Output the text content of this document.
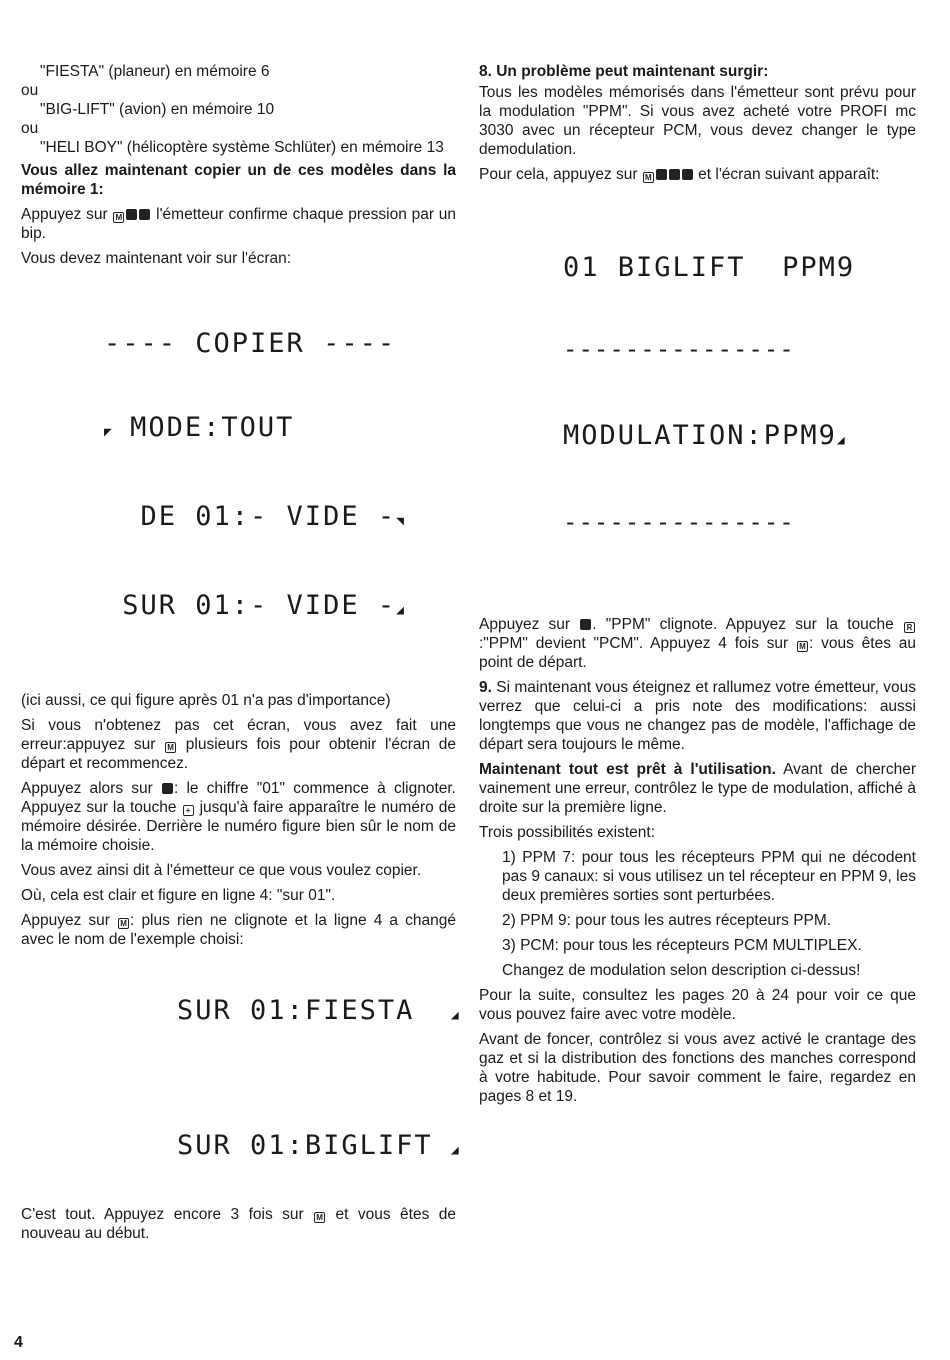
"FIESTA" (planeur) en mémoire 6

ou

"BIG-LIFT" (avion) en mémoire 10

ou

"HELI BOY" (hélicoptère système Schlüter) en mémoire 13

Vous allez maintenant copier un de ces modèles dans la mémoire 1:

Appuyez sur M l'émetteur confirme chaque pression par un bip.

Vous devez maintenant voir sur l'écran:

---- COPIER ----

◤ MODE:TOUT

DE 01:- VIDE -◥

SUR 01:- VIDE -◢

(ici aussi, ce qui figure après 01 n'a pas d'importance)

Si vous n'obtenez pas cet écran, vous avez fait une erreur:appuyez sur M plusieurs fois pour obtenir l'écran de départ et recommencez.

Appuyez alors sur : le chiffre "01" commence à clignoter. Appuyez sur la touche + jusqu'à faire apparaître le numéro de mémoire désirée. Derrière le numéro figure bien sûr le nom de la mémoire choisie.

Vous avez ainsi dit à l'émetteur ce que vous voulez copier.

Où, cela est clair et figure en ligne 4: "sur 01".

Appuyez sur M : plus rien ne clignote et la ligne 4 a changé avec le nom de l'exemple choisi:

SUR 01:FIESTA	◢

SUR 01:BIGLIFT ◢

C'est tout. Appuyez encore 3 fois sur M et vous êtes de nouveau au début.

8. Un problème peut maintenant surgir:

Tous les modèles mémorisés dans l'émetteur sont prévu pour la modulation "PPM". Si vous avez acheté votre PROFI mc 3030 avec un récepteur PCM, vous devez changer le type demodulation.

Pour cela, appuyez sur M	et l'écran suivant apparaît:

01 BIGLIFT  PPM9

---------------

MODULATION:PPM9◢

---------------

Appuyez sur . "PPM" clignote. Appuyez sur la touche R:"PPM" devient "PCM". Appuyez 4 fois sur M : vous êtes au point de départ.

9. Si maintenant vous éteignez et rallumez votre émetteur, vous verrez que celui-ci a pris note des modifications: aussi longtemps que vous ne changez pas de modèle, l'affichage de départ sera toujours le même.

Maintenant tout est prêt à l'utilisation. Avant de chercher vainement une erreur, contrôlez le type de modulation, affiché à droite sur la première ligne.

Trois possibilités existent:

1) PPM 7: pour tous les récepteurs PPM qui ne décodent pas 9 canaux: si vous utilisez un tel récepteur en PPM 9, les deux premières sorties sont perturbées.

2) PPM 9: pour tous les autres récepteurs PPM.

3) PCM: pour tous les récepteurs PCM MULTIPLEX.

Changez de modulation selon description ci-dessus!

Pour la suite, consultez les pages 20 à 24 pour voir ce que vous pouvez faire avec votre modèle.

Avant de foncer, contrôlez si vous avez activé le crantage des gaz et si la distribution des fonctions des manches correspond à votre habitude. Pour savoir comment le faire, regardez en pages 8 et 19.

4
